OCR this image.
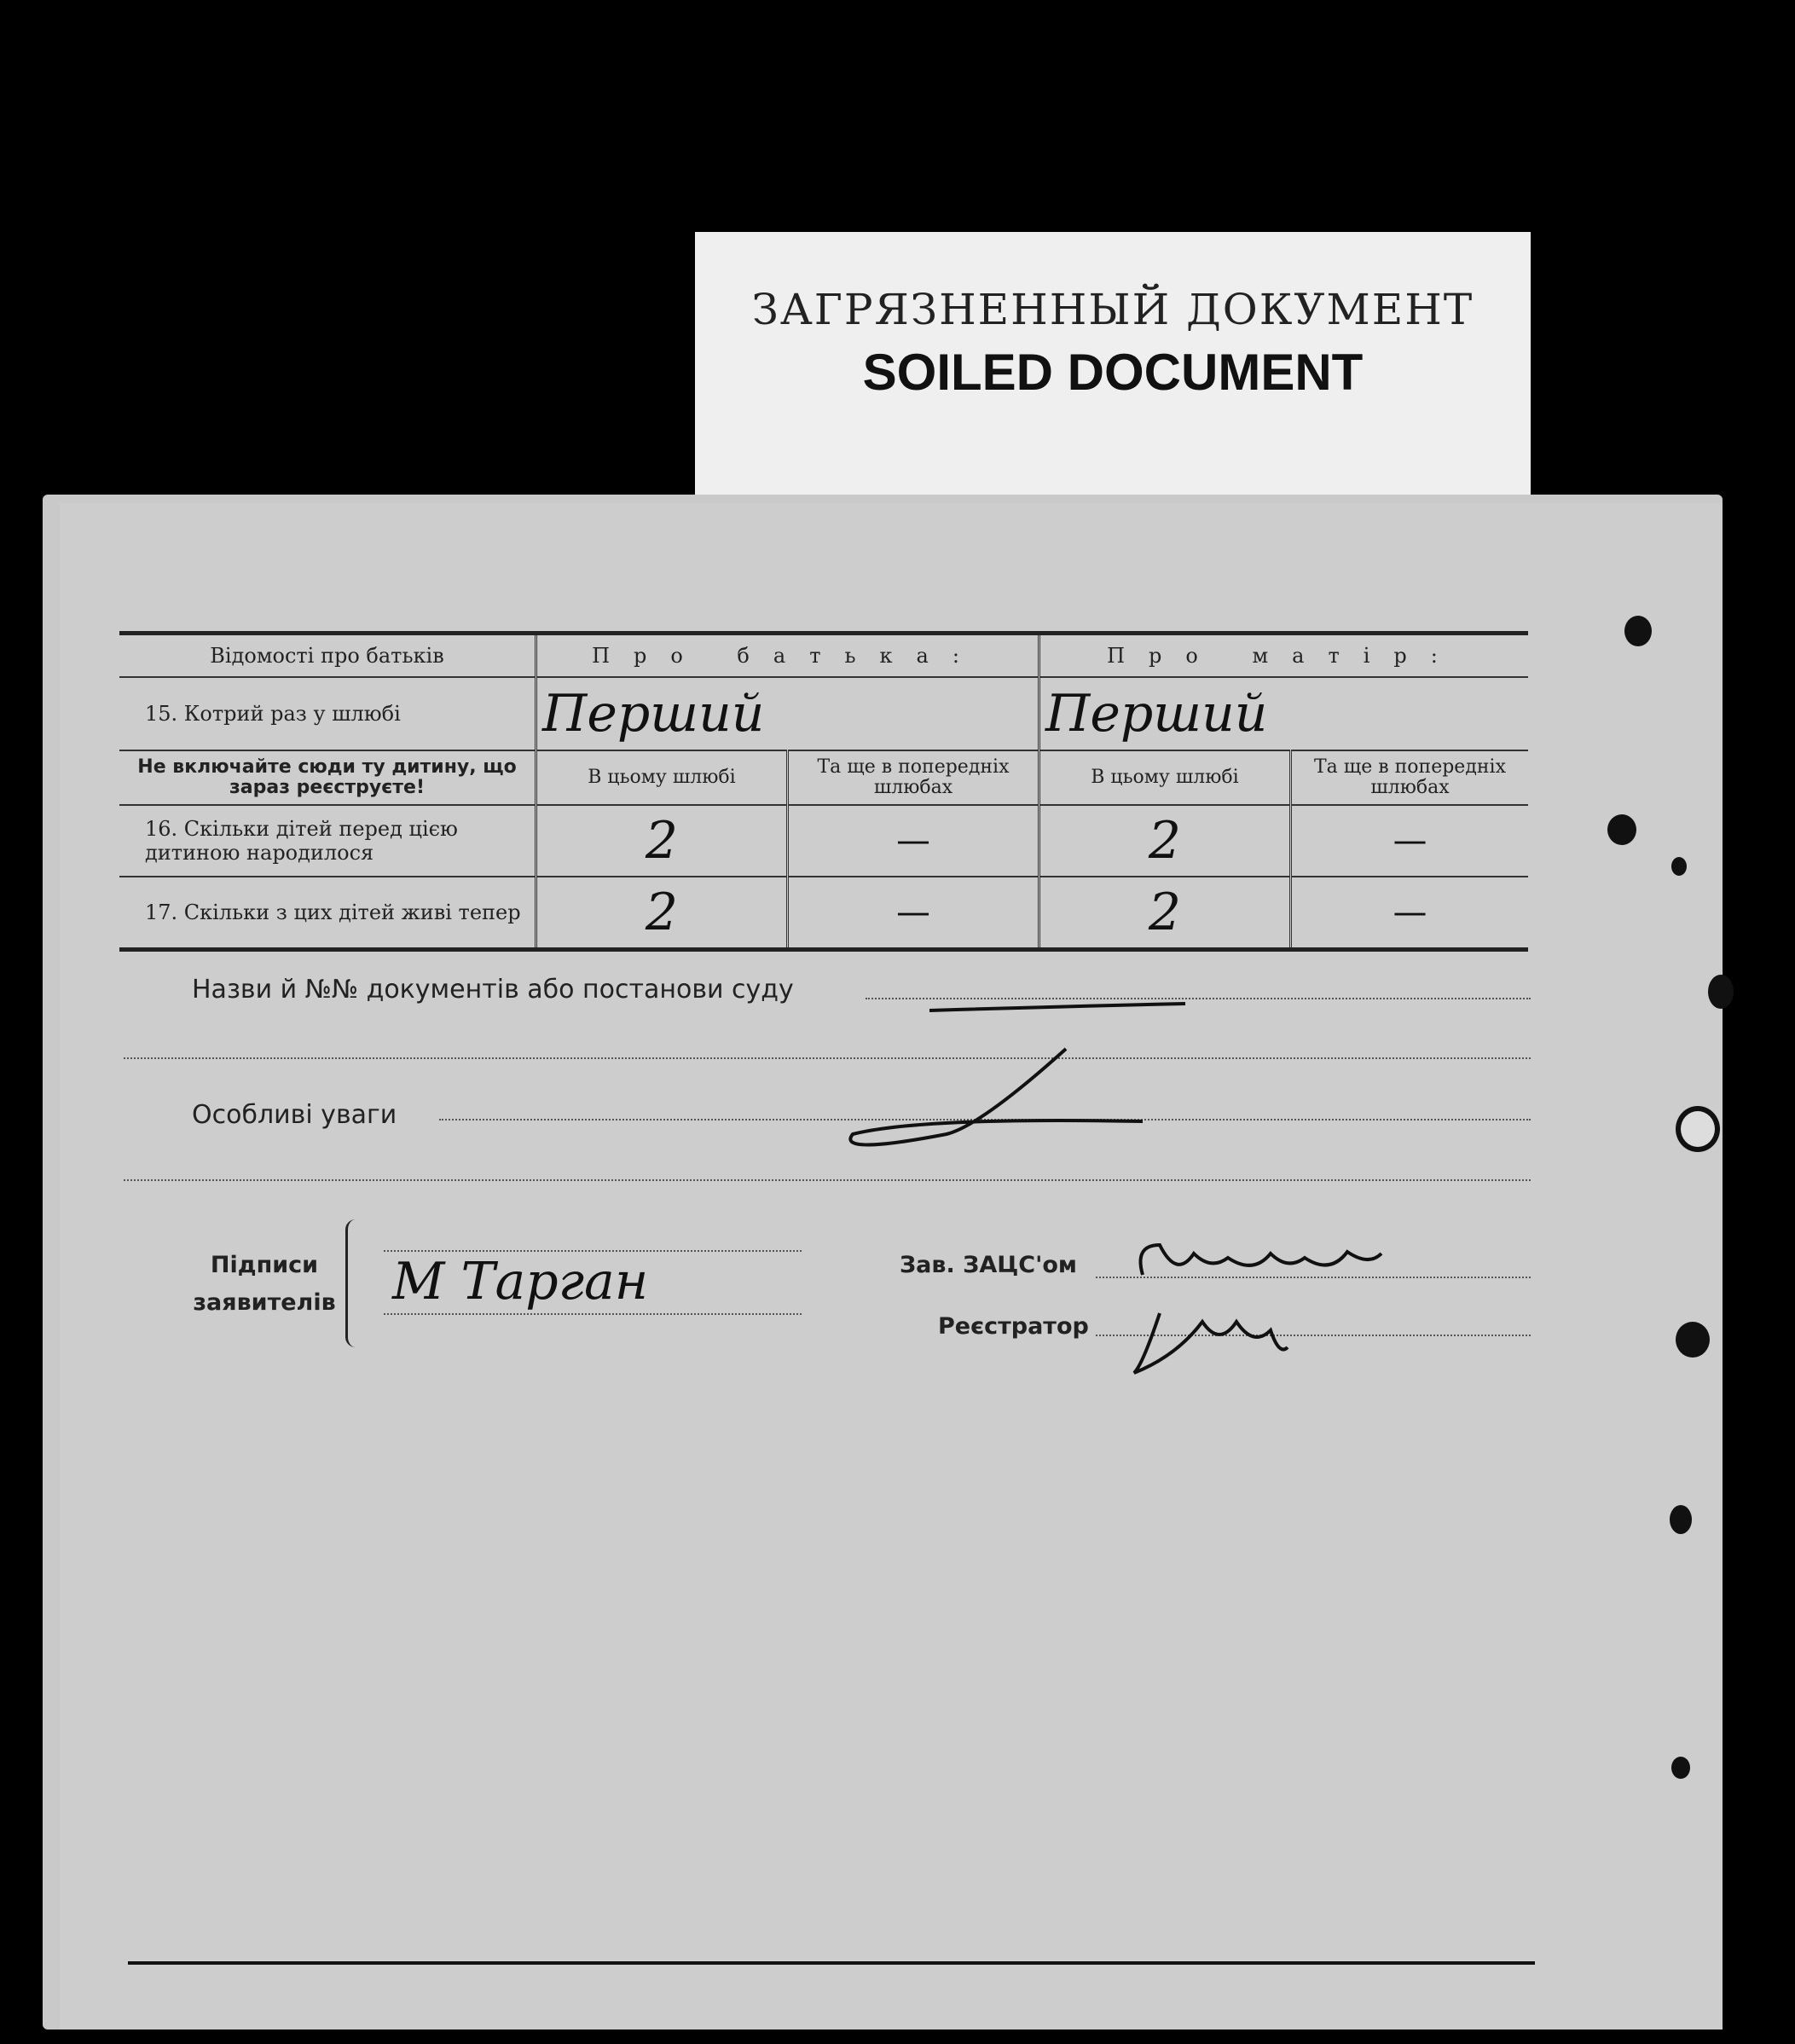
ЗАГРЯЗНЕННЫЙ ДОКУМЕНТ
SOILED DOCUMENT
Відомості про батьків	Про батька:		Про матір:	
15. Котрий раз у шлюбі	Перший		Перший	
Не включайте сюди ту дитину, що зараз реєструєте!	В цьому шлюбі	Та ще в попередніх шлюбах	В цьому шлюбі	Та ще в попередніх шлюбах
16. Скільки дітей перед цією дитиною народилося	2	—	2	—
17. Скільки з цих дітей живі тепер	2	—	2	—
Назви й №№ документів або постанови суду
Особливі уваги
Підписи заявителів М Тарган	Зав. ЗАЦС'ом
Реєстратор
